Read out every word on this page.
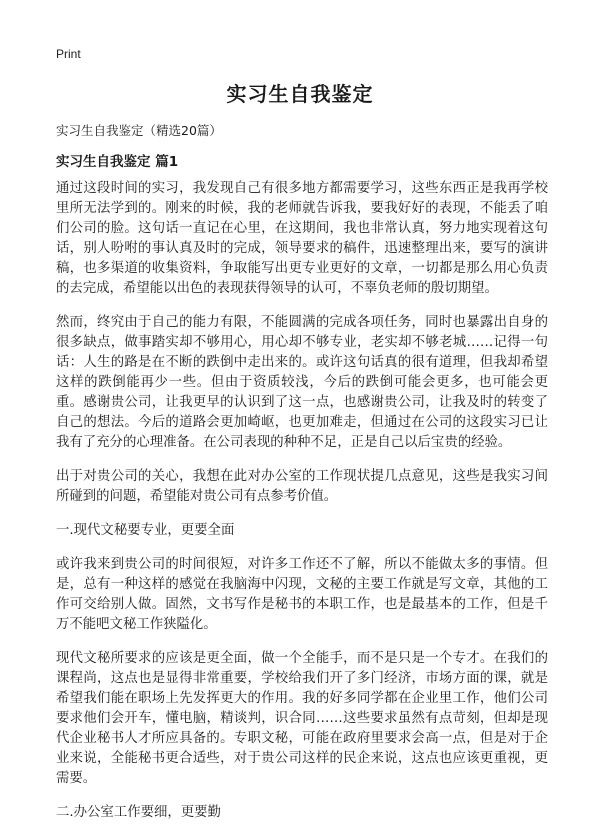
Print
实习生自我鉴定
实习生自我鉴定（精选20篇）
实习生自我鉴定 篇1

通过这段时间的实习，我发现自己有很多地方都需要学习，这些东西正是我再学校里所无法学到的。刚来的时候，我的老师就告诉我，要我好好的表现，不能丢了咱们公司的脸。这句话一直记在心里，在这期间，我也非常认真，努力地实现着这句话，别人吩咐的事认真及时的完成，领导要求的稿件，迅速整理出来，要写的演讲稿，也多渠道的收集资料，争取能写出更专业更好的文章，一切都是那么用心负责的去完成，希望能以出色的表现获得领导的认可，不辜负老师的殷切期望。

然而，终究由于自己的能力有限，不能圆满的完成各项任务，同时也暴露出自身的很多缺点，做事踏实却不够用心，用心却不够专业，老实却不够老城……记得一句话：人生的路是在不断的跌倒中走出来的。或许这句话真的很有道理，但我却希望这样的跌倒能再少一些。但由于资质较浅，今后的跌倒可能会更多，也可能会更重。感谢贵公司，让我更早的认识到了这一点，也感谢贵公司，让我及时的转变了自己的想法。今后的道路会更加崎岖，也更加难走，但通过在公司的这段实习已让我有了充分的心理准备。在公司表现的种种不足，正是自己以后宝贵的经验。

出于对贵公司的关心，我想在此对办公室的工作现状提几点意见，这些是我实习间所碰到的问题，希望能对贵公司有点参考价值。

一.现代文秘要专业，更要全面

或许我来到贵公司的时间很短，对许多工作还不了解，所以不能做太多的事情。但是，总有一种这样的感觉在我脑海中闪现，文秘的主要工作就是写文章，其他的工作可交给别人做。固然，文书写作是秘书的本职工作，也是最基本的工作，但是千万不能吧文秘工作狭隘化。

现代文秘所要求的应该是更全面，做一个全能手，而不是只是一个专才。在我们的课程尚，这点也是显得非常重要，学校给我们开了多门经济，市场方面的课，就是希望我们能在职场上先发挥更大的作用。我的好多同学都在企业里工作，他们公司要求他们会开车，懂电脑，精谈判，识合同……这些要求虽然有点苛刻，但却是现代企业秘书人才所应具备的。专职文秘，可能在政府里要求会高一点，但是对于企业来说，全能秘书更合适些，对于贵公司这样的民企来说，这点也应该更重视，更需要。

二.办公室工作要细，更要勤
